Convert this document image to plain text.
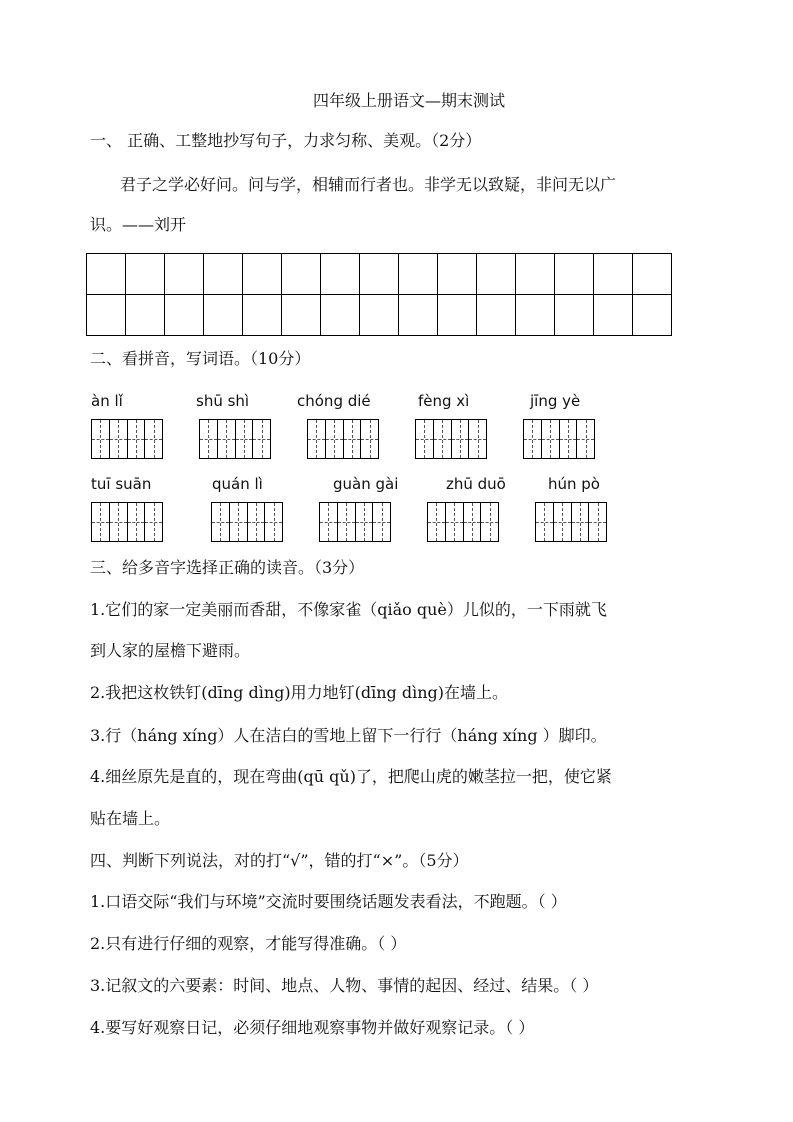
四年级上册语文—期末测试
一、 正确、工整地抄写句子，力求匀称、美观。（2分）
君子之学必好问。问与学，相辅而行者也。非学无以致疑，非问无以广
识。——刘开

二、看拼音，写词语。（10分）
àn lǐ	shū shì	chóng dié	fèng xì	jīng yè
tuī suān	quán lì	guàn gài	zhū duō	hún pò
三、给多音字选择正确的读音。（3分）
1.它们的家一定美丽而香甜，不像家雀（qiǎo què）儿似的，一下雨就飞
到人家的屋檐下避雨。
2.我把这枚铁钉(dīng dìng)用力地钉(dīng dìng)在墙上。
3.行（háng xíng）人在洁白的雪地上留下一行行（háng xíng ）脚印。
4.细丝原先是直的，现在弯曲(qū qǔ)了，把爬山虎的嫩茎拉一把，使它紧
贴在墙上。
四、判断下列说法，对的打“√”，错的打“×”。（5分）
1.口语交际“我们与环境”交流时要围绕话题发表看法，不跑题。（ ）
2.只有进行仔细的观察，才能写得准确。（ ）
3.记叙文的六要素：时间、地点、人物、事情的起因、经过、结果。（ ）
4.要写好观察日记，必须仔细地观察事物并做好观察记录。（ ）
